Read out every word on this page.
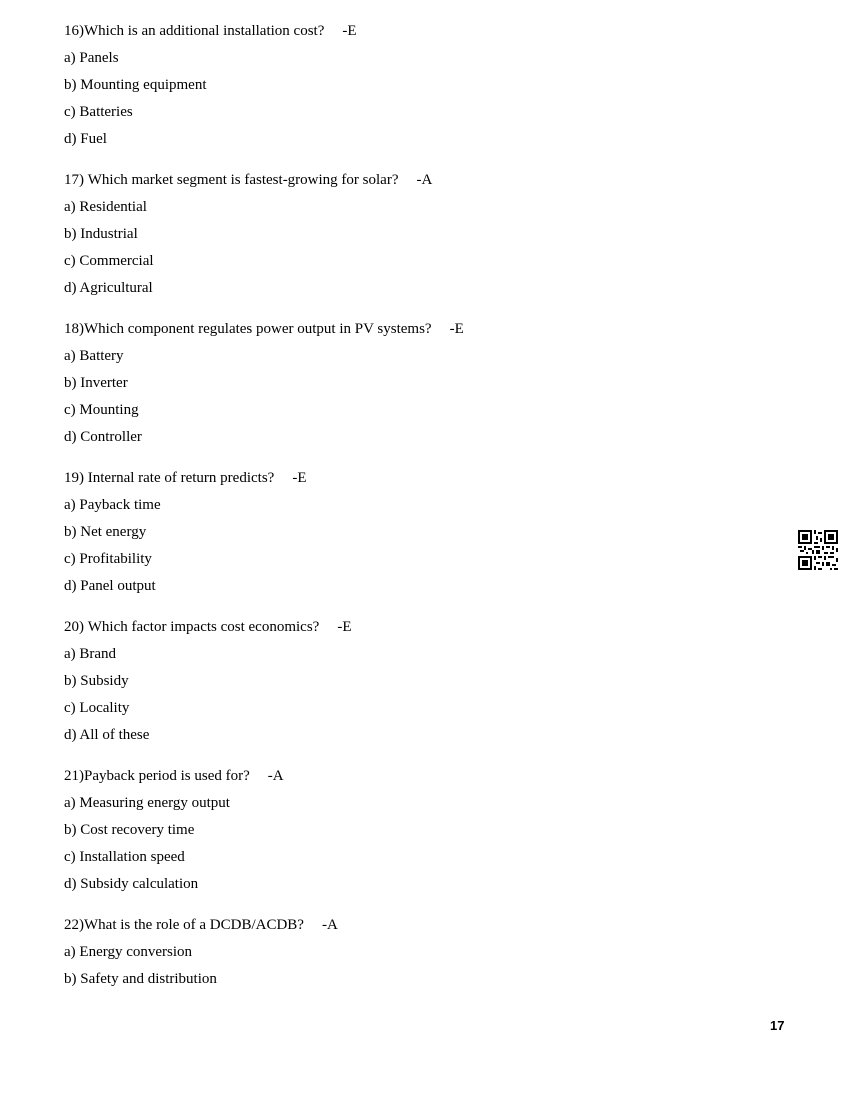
16)Which is an additional installation cost? -E
a) Panels
b) Mounting equipment
c) Batteries
d) Fuel
17) Which market segment is fastest-growing for solar? -A
a) Residential
b) Industrial
c) Commercial
d) Agricultural
18)Which component regulates power output in PV systems? -E
a) Battery
b) Inverter
c) Mounting
d) Controller
19) Internal rate of return predicts? -E
a) Payback time
b) Net energy
c) Profitability
d) Panel output
20) Which factor impacts cost economics? -E
a) Brand
b) Subsidy
c) Locality
d) All of these
21)Payback period is used for? -A
a) Measuring energy output
b) Cost recovery time
c) Installation speed
d) Subsidy calculation
22)What is the role of a DCDB/ACDB? -A
a) Energy conversion
b) Safety and distribution
17
